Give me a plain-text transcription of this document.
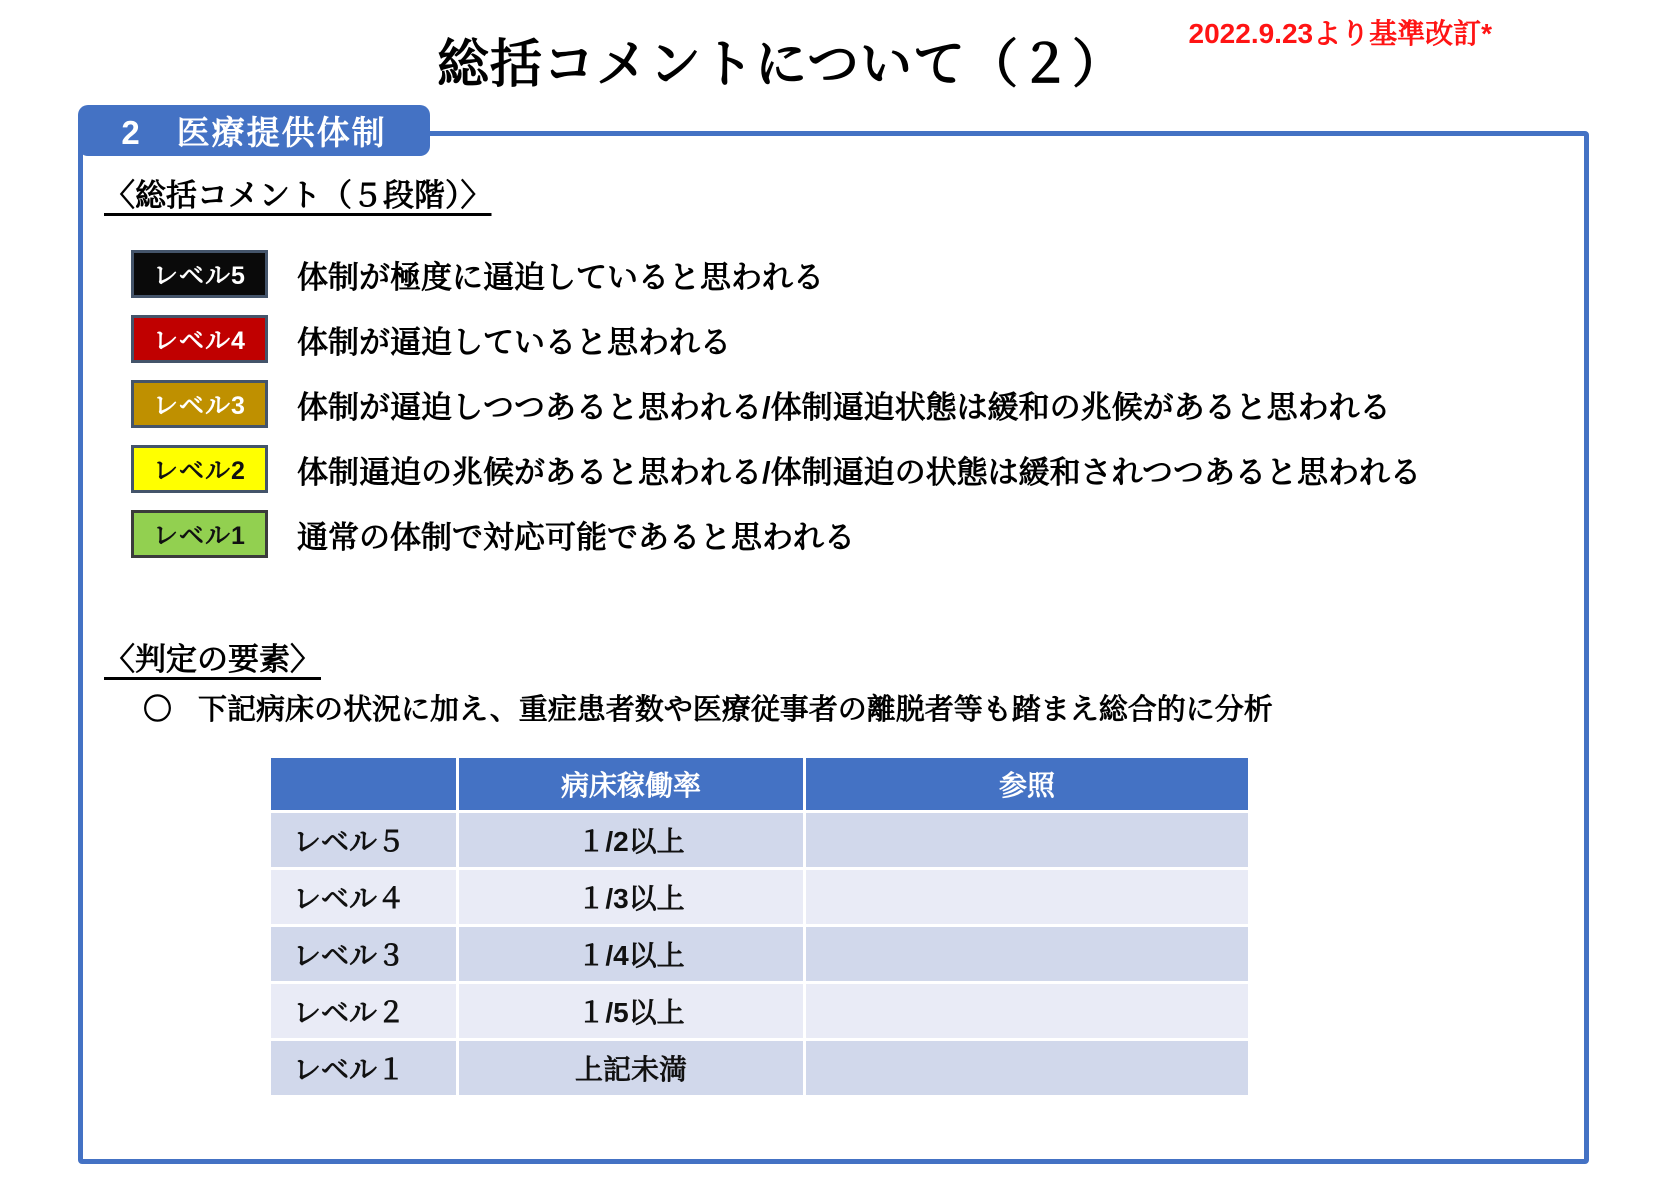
総括コメントについて（２）
2022.9.23より基準改訂*
2　医療提供体制
〈総括コメント（５段階）〉
レベル5	体制が極度に逼迫していると思われる
レベル4	体制が逼迫していると思われる
レベル3	体制が逼迫しつつあると思われる/体制逼迫状態は緩和の兆候があると思われる
レベル2	体制逼迫の兆候があると思われる/体制逼迫の状態は緩和されつつあると思われる
レベル1	通常の体制で対応可能であると思われる
〈判定の要素〉
〇 下記病床の状況に加え、重症患者数や医療従事者の離脱者等も踏まえ総合的に分析
	病床稼働率	参照
レベル５	１/2以上	
レベル４	１/3以上	
レベル３	１/4以上	
レベル２	１/5以上	
レベル１	上記未満	
